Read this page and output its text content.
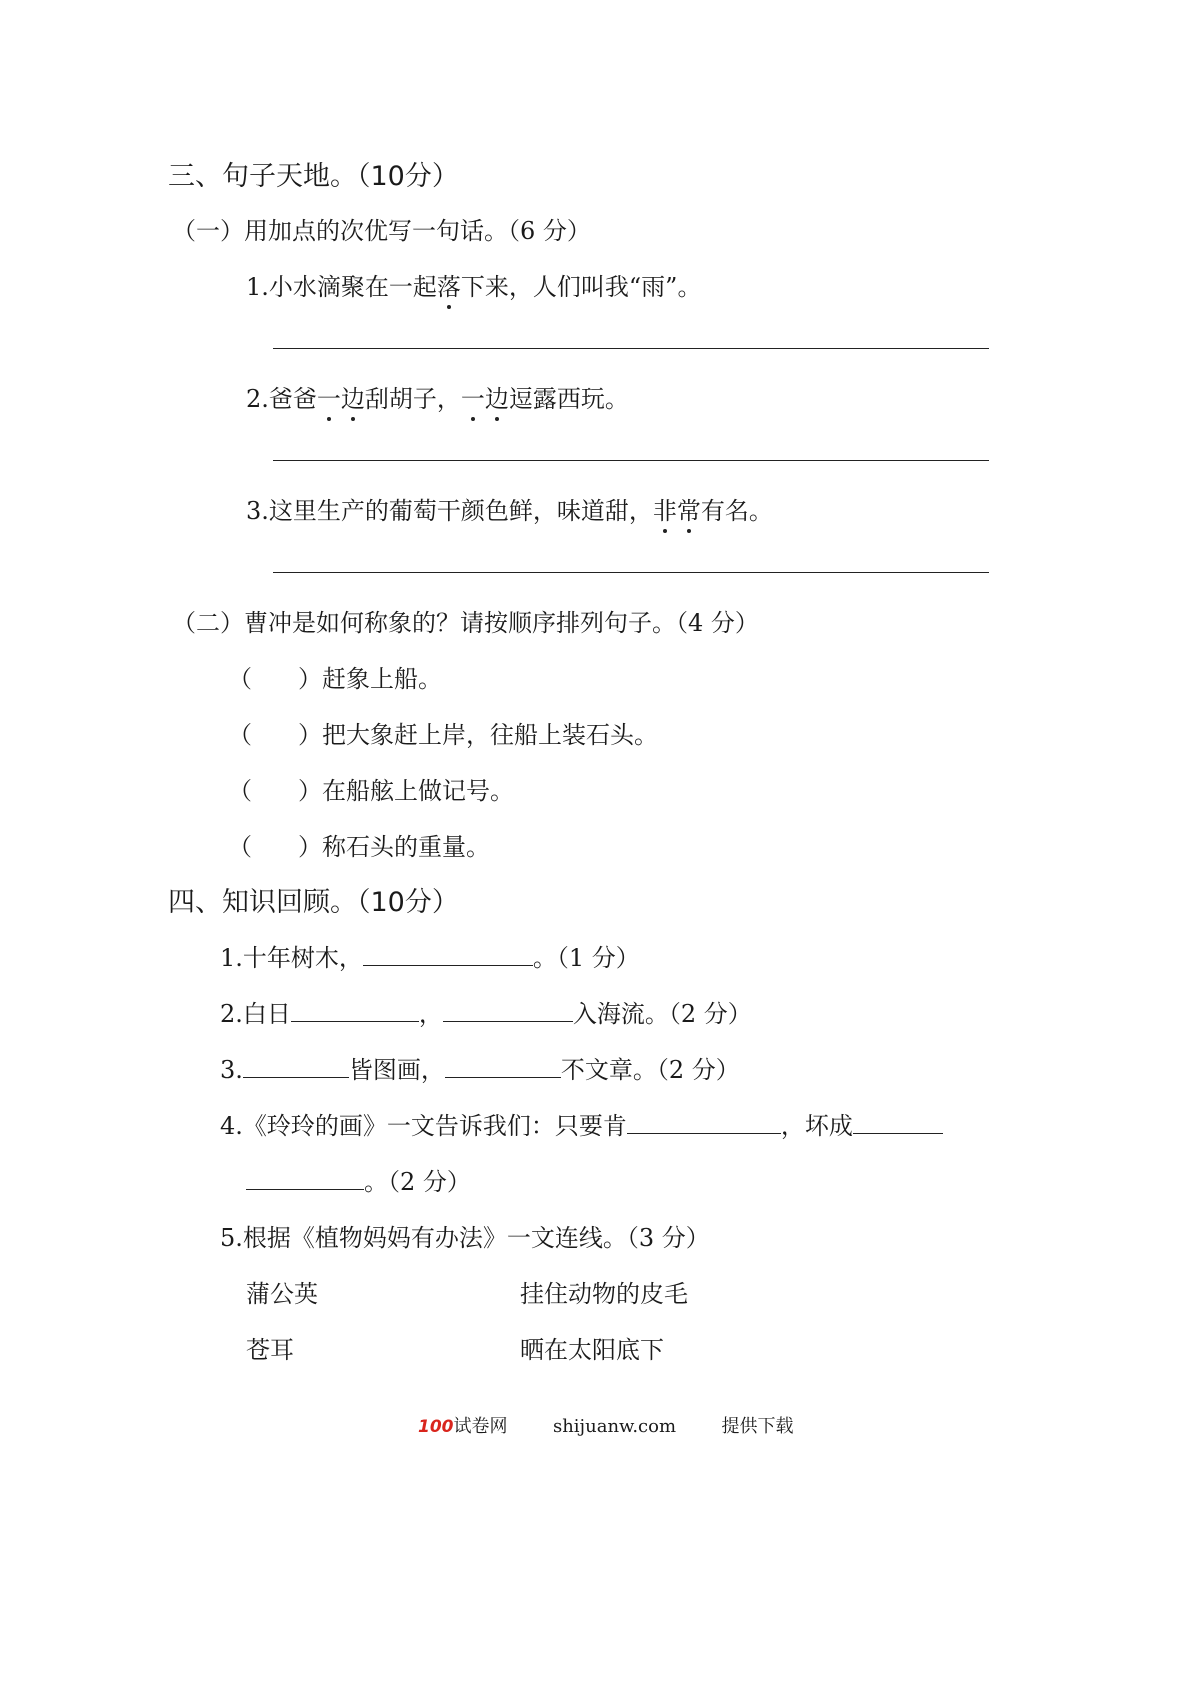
三、句子天地。（10分）
（一）用加点的次优写一句话。（6 分）
1.小水滴聚在一起落下来，人们叫我“雨”。
2.爸爸一边刮胡子，一边逗露西玩。
3.这里生产的葡萄干颜色鲜，味道甜，非常有名。
（二）曹冲是如何称象的？请按顺序排列句子。（4 分）
（ ）赶象上船。
（ ）把大象赶上岸，往船上装石头。
（ ）在船舷上做记号。
（ ）称石头的重量。
四、知识回顾。（10分）
1.十年树木，	。（1 分）
2.白日	，	入海流。（2 分）
3.	皆图画，	不文章。（2 分）
4.《玲玲的画》一文告诉我们：只要肯	，坏成
。（2 分）
5.根据《植物妈妈有办法》一文连线。（3 分）
蒲公英	挂住动物的皮毛
苍耳	晒在太阳底下
100试卷网	shijuanw.com	提供下载
